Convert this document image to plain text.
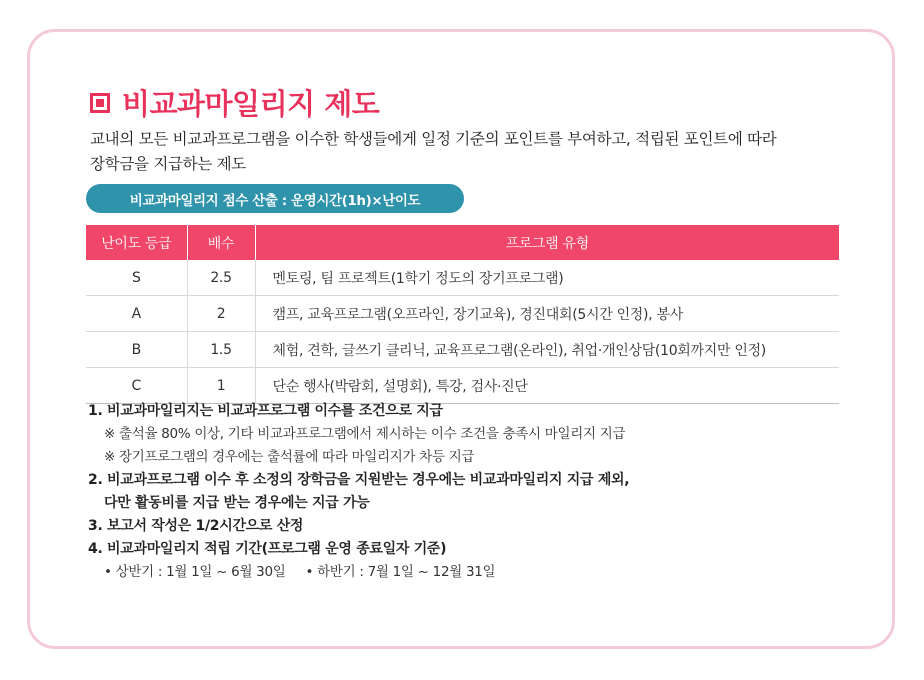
비교과마일리지 제도
교내의 모든 비교과프로그램을 이수한 학생들에게 일정 기준의 포인트를 부여하고, 적립된 포인트에 따라
장학금을 지급하는 제도
비교과마일리지 점수 산출 : 운영시간(1h)×난이도
난이도 등급	배수	프로그램 유형
S	2.5	멘토링, 팀 프로젝트(1학기 정도의 장기프로그램)
A	2	캠프, 교육프로그램(오프라인, 장기교육), 경진대회(5시간 인정), 봉사
B	1.5	체험, 견학, 글쓰기 클리닉, 교육프로그램(온라인), 취업·개인상담(10회까지만 인정)
C	1	단순 행사(박람회, 설명회), 특강, 검사·진단
1. 비교과마일리지는 비교과프로그램 이수를 조건으로 지급
※ 출석율 80% 이상, 기타 비교과프로그램에서 제시하는 이수 조건을 충족시 마일리지 지급
※ 장기프로그램의 경우에는 출석률에 따라 마일리지가 차등 지급
2. 비교과프로그램 이수 후 소정의 장학금을 지원받는 경우에는 비교과마일리지 지급 제외,
다만 활동비를 지급 받는 경우에는 지급 가능
3. 보고서 작성은 1/2시간으로 산정
4. 비교과마일리지 적립 기간(프로그램 운영 종료일자 기준)
• 상반기 : 1월 1일 ~ 6월 30일 • 하반기 : 7월 1일 ~ 12월 31일
